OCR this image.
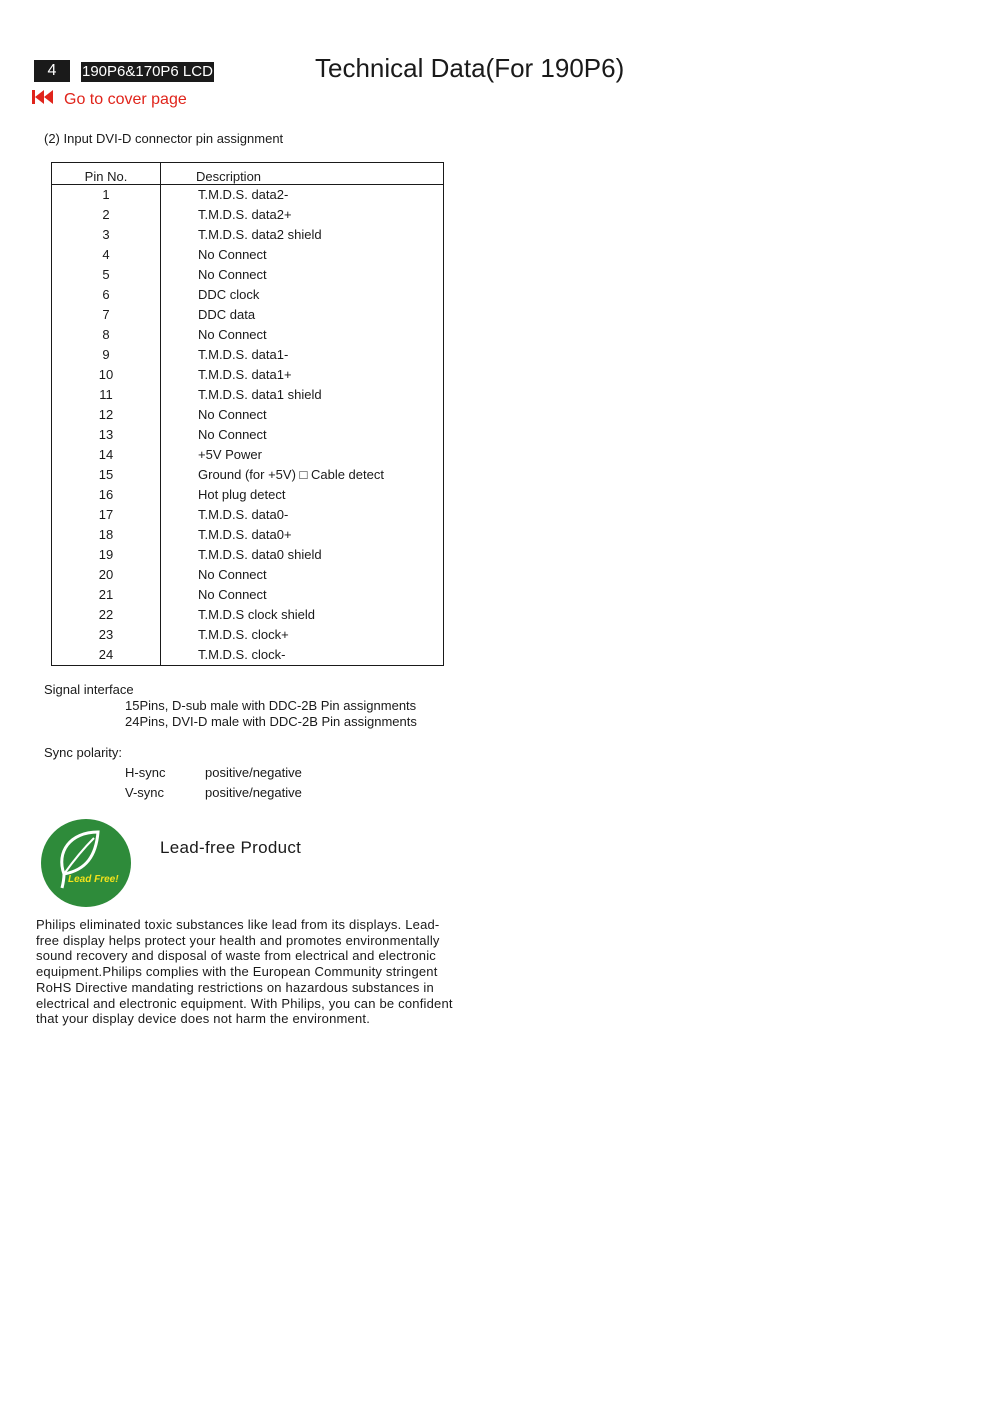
4	190P6&170P6 LCD	Technical Data(For 190P6)
Go to cover page
(2) Input DVI-D connector pin assignment
Pin No.	Description
1	T.M.D.S. data2-
2	T.M.D.S. data2+
3	T.M.D.S. data2 shield
4	No Connect
5	No Connect
6	DDC clock
7	DDC data
8	No Connect
9	T.M.D.S. data1-
10	T.M.D.S. data1+
11	T.M.D.S. data1 shield
12	No Connect
13	No Connect
14	+5V Power
15	Ground (for +5V) □ Cable detect
16	Hot plug detect
17	T.M.D.S. data0-
18	T.M.D.S. data0+
19	T.M.D.S. data0 shield
20	No Connect
21	No Connect
22	T.M.D.S clock shield
23	T.M.D.S. clock+
24	T.M.D.S. clock-
Signal interface
15Pins, D-sub male with DDC-2B Pin assignments
24Pins, DVI-D male with DDC-2B Pin assignments
Sync polarity:
H-sync	positive/negative
V-sync	positive/negative
Lead Free!
Lead-free Product
Philips eliminated toxic substances like lead from its displays. Lead-free display helps protect your health and promotes environmentally sound recovery and disposal of waste from electrical and electronic equipment.Philips complies with the European Community stringent RoHS Directive mandating restrictions on hazardous substances in electrical and electronic equipment. With Philips, you can be confident that your display device does not harm the environment.
